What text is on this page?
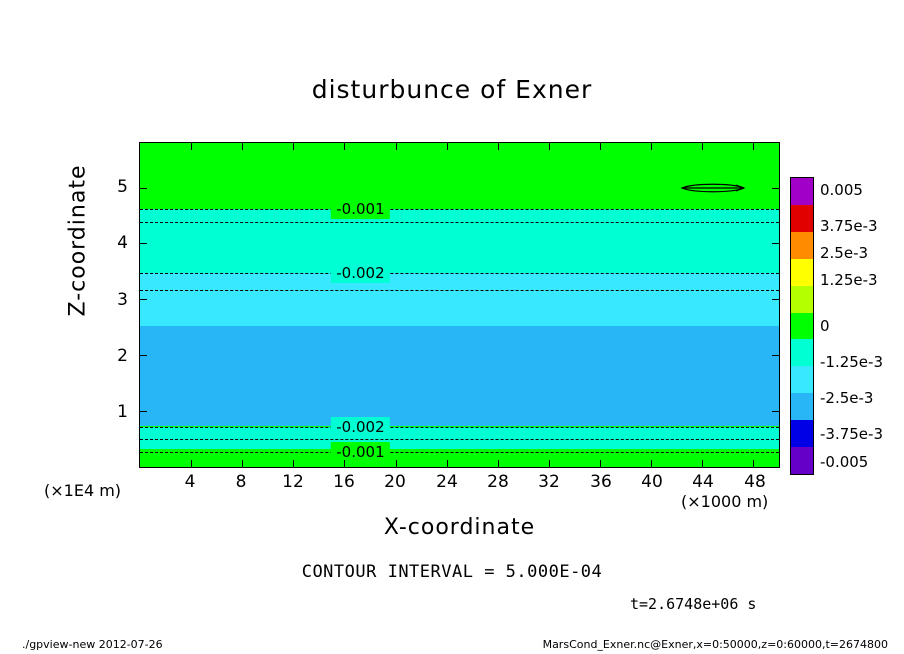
disturbunce of Exner
-0.001
-0.002
-0.002
-0.001
4 8 12 16 20 24 28 32 36 40 44 48
1
2
3
4
5
X-coordinate
Z-coordinate
(×1000 m)
(×1E4 m)
0.005
3.75e-3
2.5e-3
1.25e-3
0
-1.25e-3
-2.5e-3
-3.75e-3
-0.005
CONTOUR INTERVAL = 5.000E-04
t=2.6748e+06 s
./gpview-new 2012-07-26	MarsCond_Exner.nc@Exner,x=0:50000,z=0:60000,t=2674800
